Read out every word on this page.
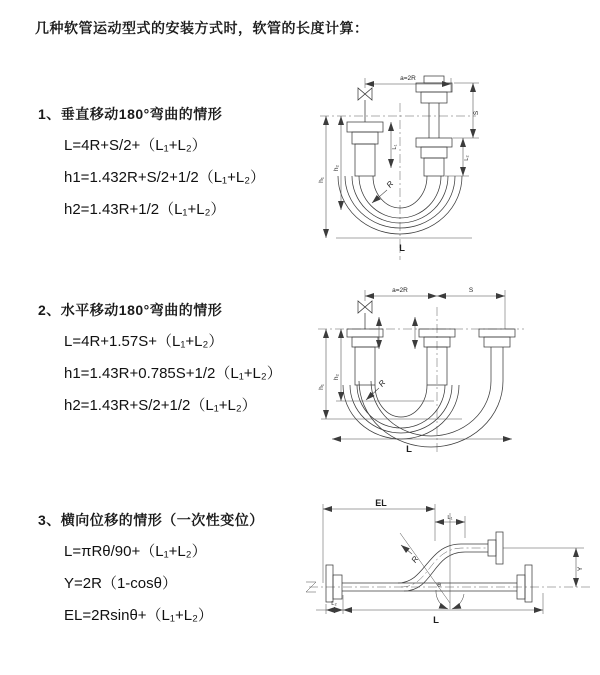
几种软管运动型式的安装方式时，软管的长度计算：
1、垂直移动180°弯曲的情形
L=4R+S/2+（L₁+L₂）
h1=1.432R+S/2+1/2（L₁+L₂）
h2=1.43R+1/2（L₁+L₂）
2、水平移动180°弯曲的情形
L=4R+1.57S+（L₁+L₂）
h1=1.43R+0.785S+1/2（L₁+L₂）
h2=1.43R+S/2+1/2（L₁+L₂）
3、横向位移的情形（一次性变位）
L=πRθ/90+（L₁+L₂）
Y=2R（1-cosθ）
EL=2Rsinθ+（L₁+L₂）
a=2R
h₁
h₂
L₁
S
L₂
R
L
a=2R	S
h₁
h₂
R
L
θ
R
EL
L₁
Y
L₂
L
